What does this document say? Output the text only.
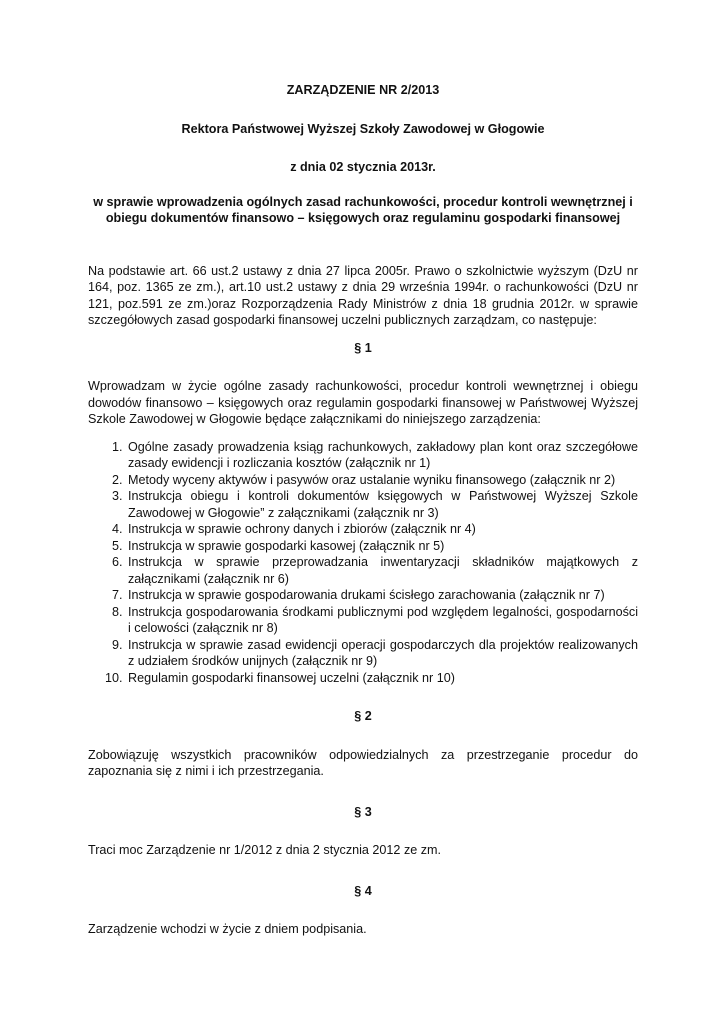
ZARZĄDZENIE NR 2/2013
Rektora Państwowej Wyższej Szkoły Zawodowej w Głogowie
z dnia 02 stycznia 2013r.
w sprawie wprowadzenia ogólnych zasad rachunkowości, procedur kontroli wewnętrznej i obiegu dokumentów finansowo – księgowych oraz regulaminu gospodarki finansowej

Na podstawie art. 66 ust.2 ustawy z dnia 27 lipca 2005r. Prawo o szkolnictwie wyższym (DzU nr 164, poz. 1365 ze zm.), art.10 ust.2 ustawy z dnia 29 września 1994r. o rachunkowości (DzU nr 121, poz.591 ze zm.)oraz Rozporządzenia Rady Ministrów z dnia 18 grudnia 2012r. w sprawie szczegółowych zasad gospodarki finansowej uczelni publicznych zarządzam, co następuje:

§ 1

Wprowadzam w życie ogólne zasady rachunkowości, procedur kontroli wewnętrznej i obiegu dowodów finansowo – księgowych oraz regulamin gospodarki finansowej w Państwowej Wyższej Szkole Zawodowej w Głogowie będące załącznikami do niniejszego zarządzenia:

1. Ogólne zasady prowadzenia ksiąg rachunkowych, zakładowy plan kont oraz szczegółowe zasady ewidencji i rozliczania kosztów (załącznik nr 1)
2. Metody wyceny aktywów i pasywów oraz ustalanie wyniku finansowego (załącznik nr 2)
3. Instrukcja obiegu i kontroli dokumentów księgowych w Państwowej Wyższej Szkole Zawodowej w Głogowie” z załącznikami (załącznik nr 3)
4. Instrukcja w sprawie ochrony danych i zbiorów (załącznik nr 4)
5. Instrukcja w sprawie gospodarki kasowej (załącznik nr 5)
6. Instrukcja w sprawie przeprowadzania inwentaryzacji składników majątkowych z załącznikami (załącznik nr 6)
7. Instrukcja w sprawie gospodarowania drukami ścisłego zarachowania (załącznik nr 7)
8. Instrukcja gospodarowania środkami publicznymi pod względem legalności, gospodarności i celowości (załącznik nr 8)
9. Instrukcja w sprawie zasad ewidencji operacji gospodarczych dla projektów realizowanych z udziałem środków unijnych (załącznik nr 9)
10. Regulamin gospodarki finansowej uczelni (załącznik nr 10)
§ 2

Zobowiązuję wszystkich pracowników odpowiedzialnych za przestrzeganie procedur do zapoznania się z nimi i ich przestrzegania.

§ 3

Traci moc Zarządzenie nr 1/2012 z dnia 2 stycznia 2012 ze zm.

§ 4

Zarządzenie wchodzi w życie z dniem podpisania.
